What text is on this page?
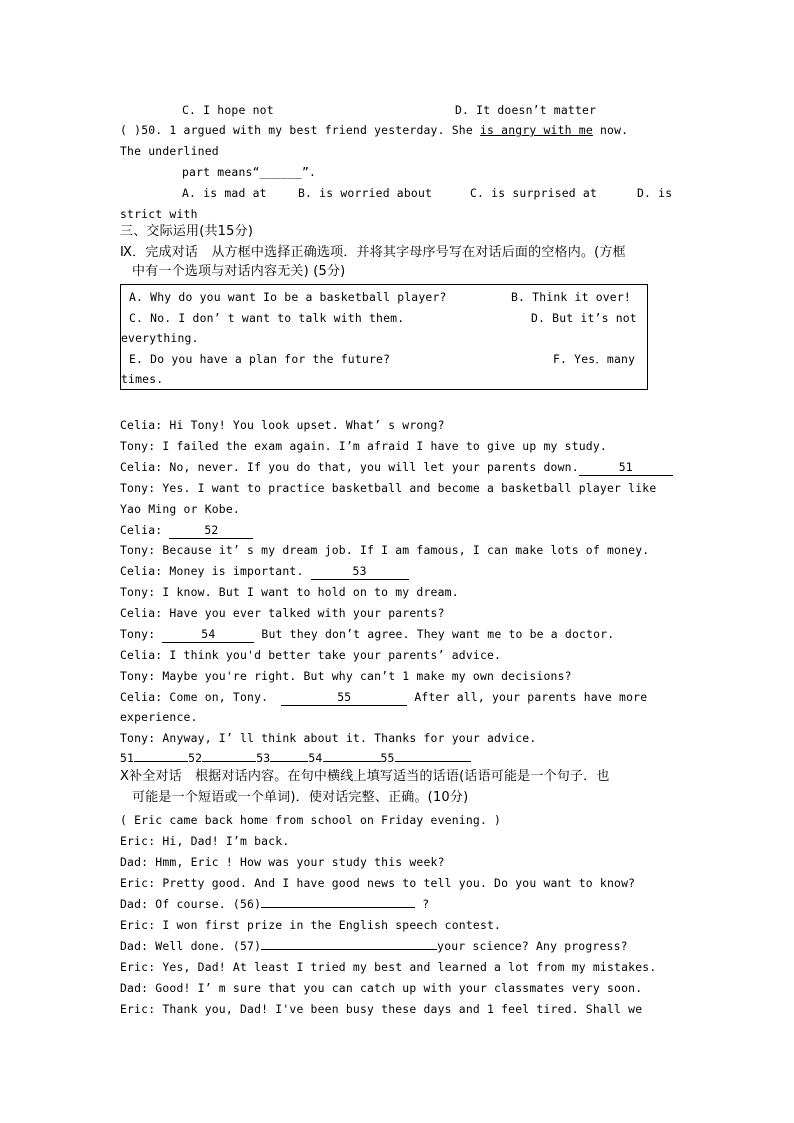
C. I hope not	D. It doesn’t matter
( )50. 1 argued with my best friend yesterday. She is angry with me now.
The underlined
part means“______”.
A. is mad at	B. is worried about	C. is surprised at	D. is
strict with
三、交际运用(共15分)
Ⅸ．完成对话　从方框中选择正确选项．并将其字母序号写在对话后面的空格内。(方框
中有一个选项与对话内容无关) (5分)
A. Why do you want Io be a basketball player?	B. Think it over!
C. No. I don’ t want to talk with them.	D. But it’s not
everything.
E. Do you have a plan for the future?	F. Yes．many
times.
Celia: Hi Tony! You look upset. What’ s wrong?
Tony: I failed the exam again. I’m afraid I have to give up my study.
Celia: No, never. If you do that, you will let your parents down.	51
Tony: Yes. I want to practice basketball and become a basketball player like
Yao Ming or Kobe.
Celia:	52
Tony: Because it’ s my dream job. If I am famous, I can make lots of money.
Celia: Money is important.	53
Tony: I know. But I want to hold on to my dream.
Celia: Have you ever talked with your parents?
Tony:	54	But they don’t agree. They want me to be a doctor.
Celia: I think you'd better take your parents’ advice.
Tony: Maybe you're right. But why can’t 1 make my own decisions?
Celia: Come on, Tony.	55	After all, your parents have more
experience.
Tony: Anyway, I’ ll think about it. Thanks for your advice.
51	52	53	54	55
Ⅹ补全对话　根据对话内容。在句中横线上填写适当的话语(话语可能是一个句子．也
可能是一个短语或一个单词)．使对话完整、正确。(10分)
( Eric came back home from school on Friday evening. )
Eric: Hi, Dad! I’m back.
Dad: Hmm, Eric ! How was your study this week?
Eric: Pretty good. And I have good news to tell you. Do you want to know?
Dad: Of course. (56)	?
Eric: I won first prize in the English speech contest.
Dad: Well done. (57)	your science? Any progress?
Eric: Yes, Dad! At least I tried my best and learned a lot from my mistakes.
Dad: Good! I’ m sure that you can catch up with your classmates very soon.
Eric: Thank you, Dad! I've been busy these days and 1 feel tired. Shall we
